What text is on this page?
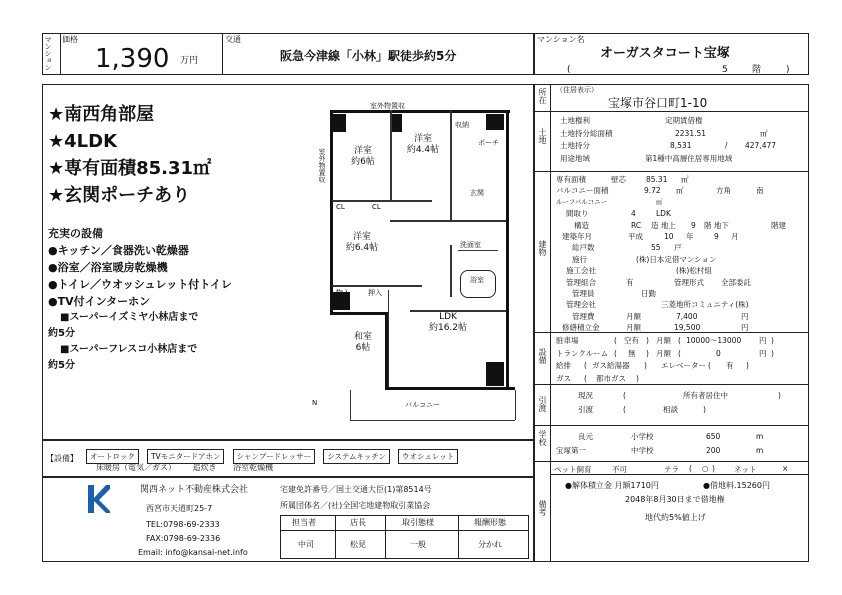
マンション 価格
1,390 万円
交通
阪急今津線「小林」駅徒歩約5分
マンション名
オーガスタコート宝塚
(	5	階	)
★南西角部屋
★4LDK
★専有面積85.31㎡
★玄関ポーチあり
充実の設備
●キッチン／食器洗い乾燥器
●浴室／浴室暖房乾燥機
●トイレ／ウオッシュレット付トイレ
●TV付インターホン
■スーパーイズミヤ小林店まで
約5分
■スーパーフレスコ小林店まで
約5分
洋室
約6帖
洋室
約4.4帖
洋室
約6.4帖
LDK
約16.2帖
和室
6帖
室外物置収
室外物置収
玄関
ポーチ
収納
押入
物入
洗面室
浴室
CL	CL
バルコニー
N
【設備】	オートロック TVモニタードアホン シャンプードレッサー システムキッチン ウオシュレット
床暖房（電気／ガス） 追炊き 浴室乾燥機
関西ネット不動産株式会社
西宮市天道町25-7
TEL:0798-69-2333
FAX:0798-69-2336
Email: info@kansai-net.info
宅建免許番号／国土交通大臣(1)第8514号
所属団体名／(社)全国宅地建物取引業協会
担当者	店長	取引態様	報酬形態
中司	松見	一般	分かれ
所在 （住居表示）
宝塚市谷口町1-10
土地
土地権利	定期賃借権
土地持分総面積	2231.51	㎡
土地持分	8,531	/ 427,477
用途地域	第1種中高層住居専用地域
建物
専有面積	壁芯	85.31 ㎡
バルコニー面積	9.72 ㎡	方角	南
ルーフバルコニー	㎡
間取り	4	LDK
構造	RC 造 地上 9 階 地下	階建
建築年月	平成	10 年	9 月
総戸数	55 戸
施行	(株)日本定借マンション
施工会社	(株)松村組
管理組合	有	管理形式 全部委託
管理員	日勤
管理会社	三菱地所コミュニティ(株)
管理費	月額	7,400	円
修繕積立金	月額	19,500	円
設備
駐車場	( 空有 ) 月額 ( 10000～13000 円 )
トランクルーム ( 無 ) 月額 (	0	円 )
給排 ( ガス給湯器 ) エレベーター ( 有 )
ガス ( 都市ガス )
引渡
現況	(	所有者居住中	)
引渡	(	相談	)
学校	良元	小学校	650	m
宝塚第一	中学校	200	m
ペット飼育	不可	テラ ( ○ )	ネット	×
備考
●解体積立金 月額1710円	●借地料.15260円
2048年8月30日まで借地権
地代約5%値上げ
